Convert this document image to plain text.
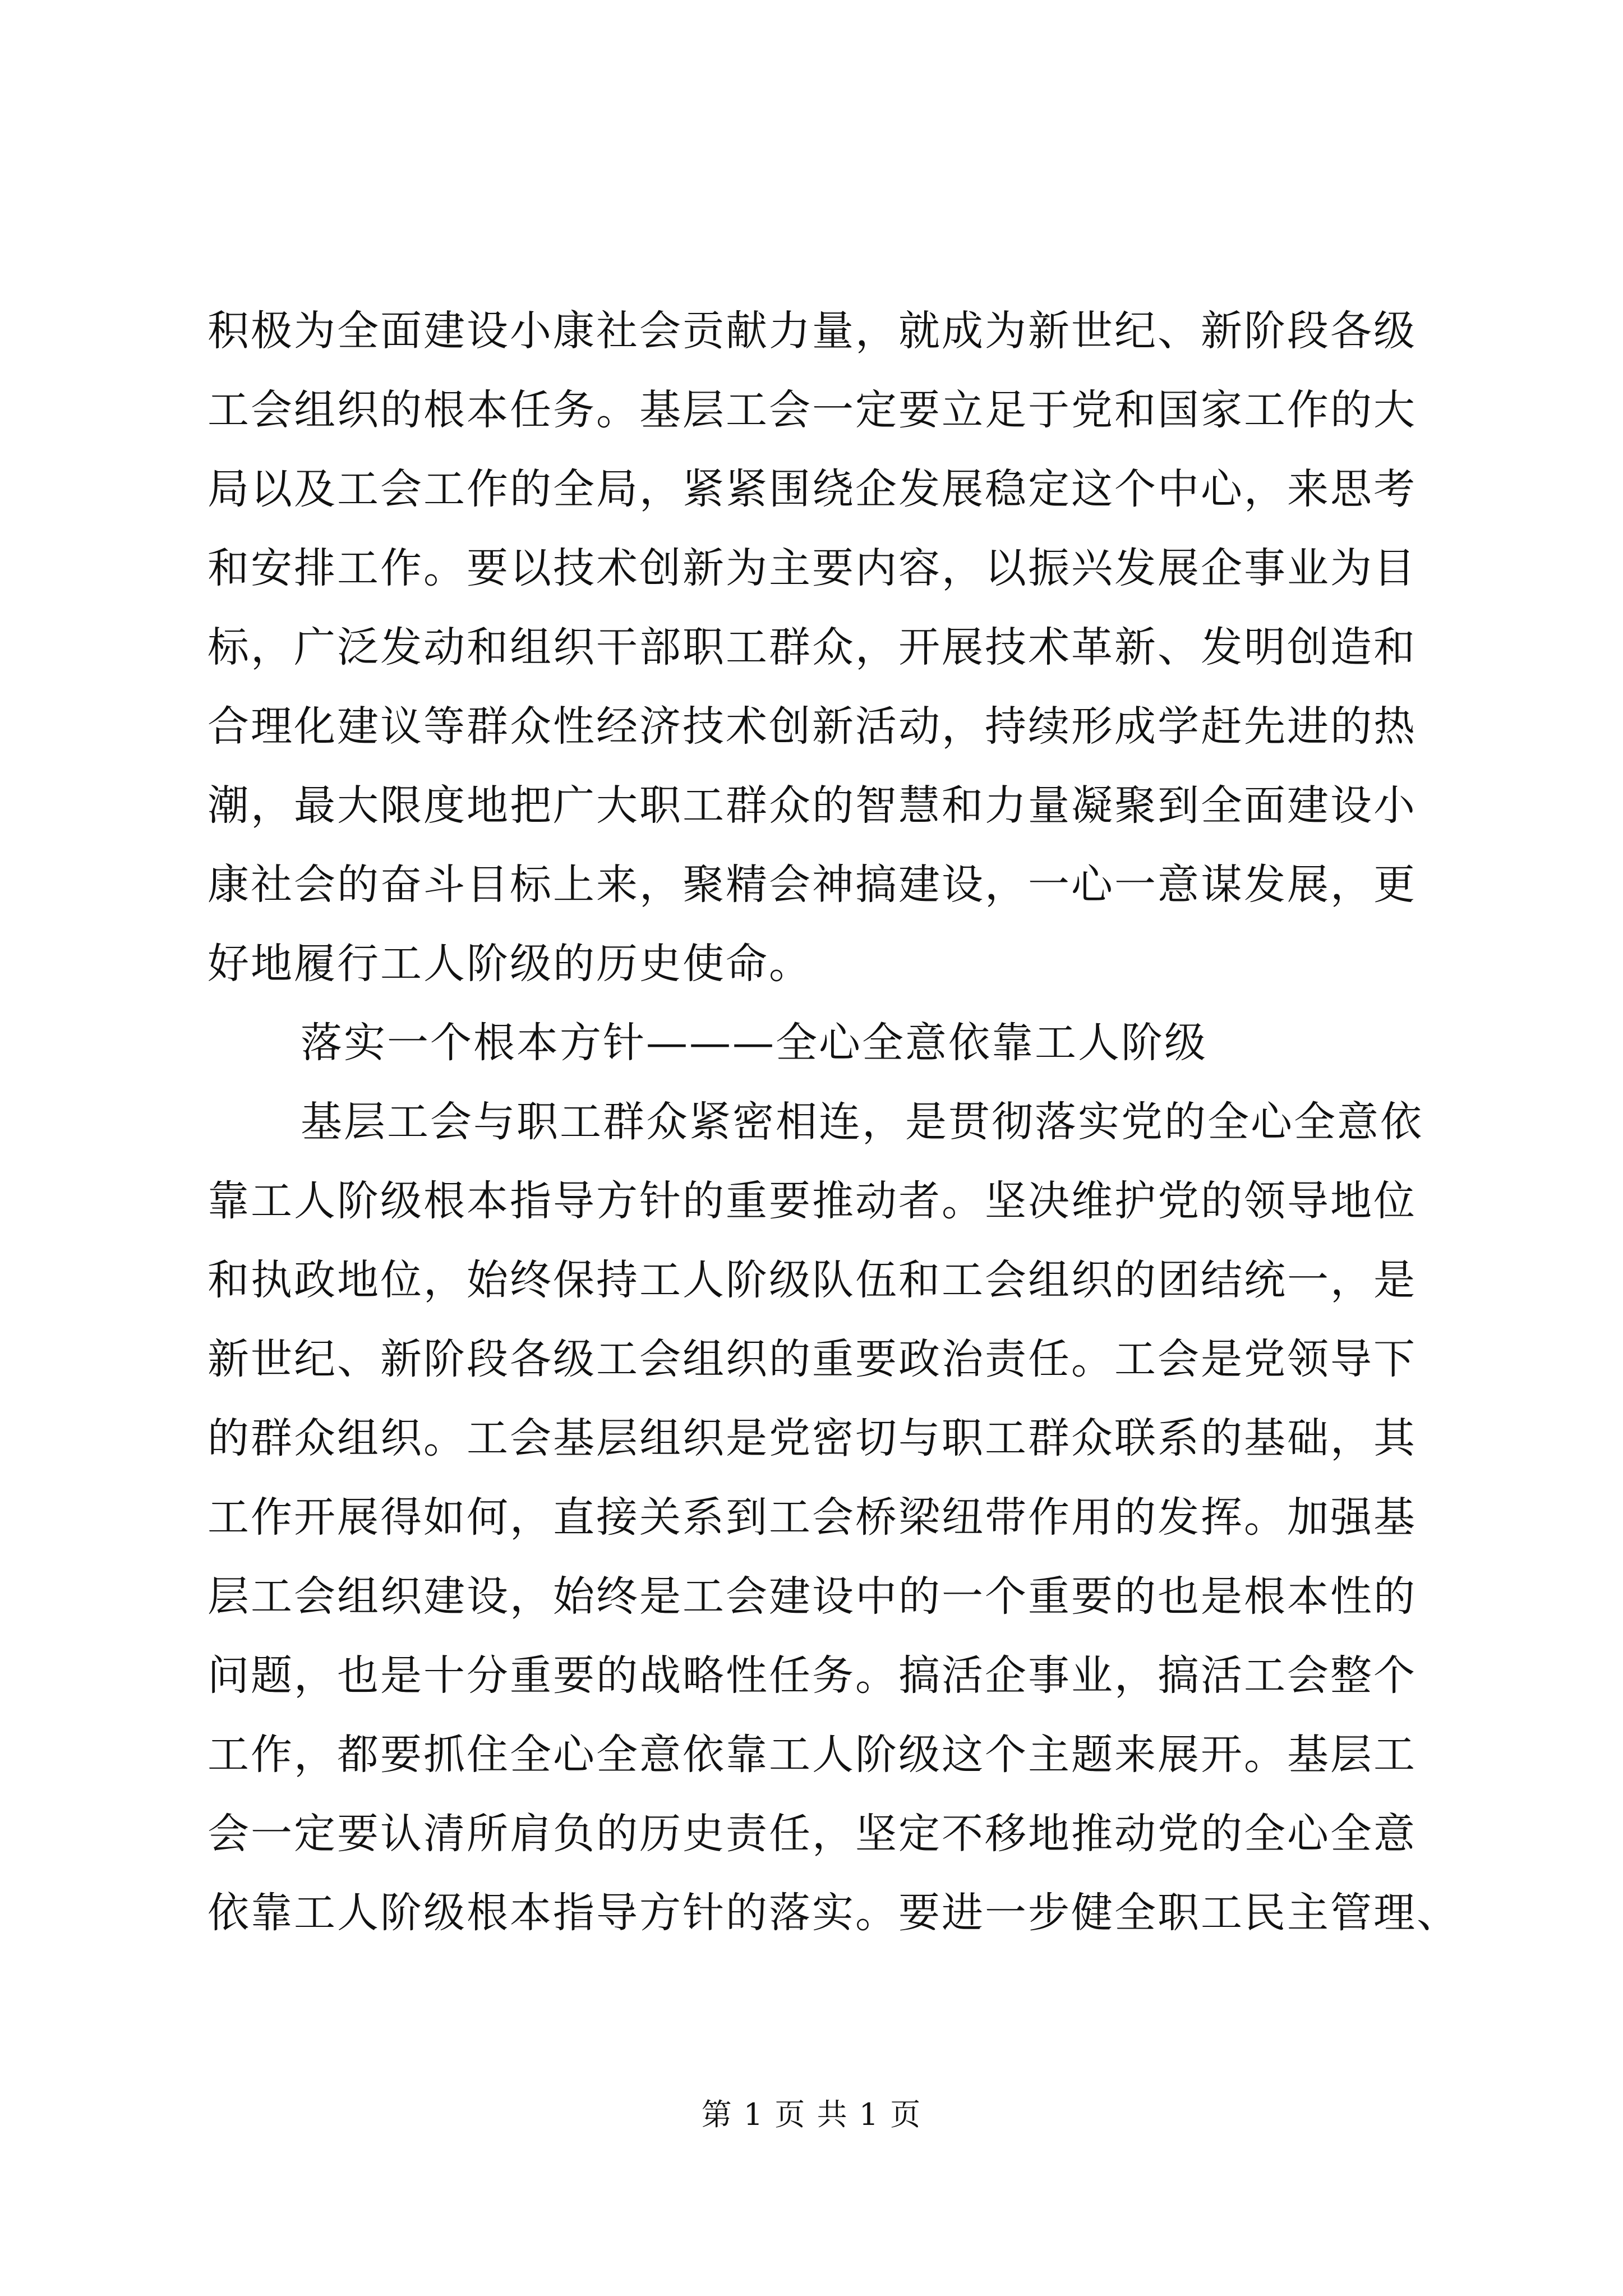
积极为全面建设小康社会贡献力量，就成为新世纪、新阶段各级
工会组织的根本任务。基层工会一定要立足于党和国家工作的大
局以及工会工作的全局，紧紧围绕企发展稳定这个中心，来思考
和安排工作。要以技术创新为主要内容，以振兴发展企事业为目
标，广泛发动和组织干部职工群众，开展技术革新、发明创造和
合理化建议等群众性经济技术创新活动，持续形成学赶先进的热
潮，最大限度地把广大职工群众的智慧和力量凝聚到全面建设小
康社会的奋斗目标上来，聚精会神搞建设，一心一意谋发展，更
好地履行工人阶级的历史使命。
落实一个根本方针———全心全意依靠工人阶级
基层工会与职工群众紧密相连，是贯彻落实党的全心全意依
靠工人阶级根本指导方针的重要推动者。坚决维护党的领导地位
和执政地位，始终保持工人阶级队伍和工会组织的团结统一，是
新世纪、新阶段各级工会组织的重要政治责任。工会是党领导下
的群众组织。工会基层组织是党密切与职工群众联系的基础，其
工作开展得如何，直接关系到工会桥梁纽带作用的发挥。加强基
层工会组织建设，始终是工会建设中的一个重要的也是根本性的
问题，也是十分重要的战略性任务。搞活企事业，搞活工会整个
工作，都要抓住全心全意依靠工人阶级这个主题来展开。基层工
会一定要认清所肩负的历史责任，坚定不移地推动党的全心全意
依靠工人阶级根本指导方针的落实。要进一步健全职工民主管理、
第 1 页 共 1 页
